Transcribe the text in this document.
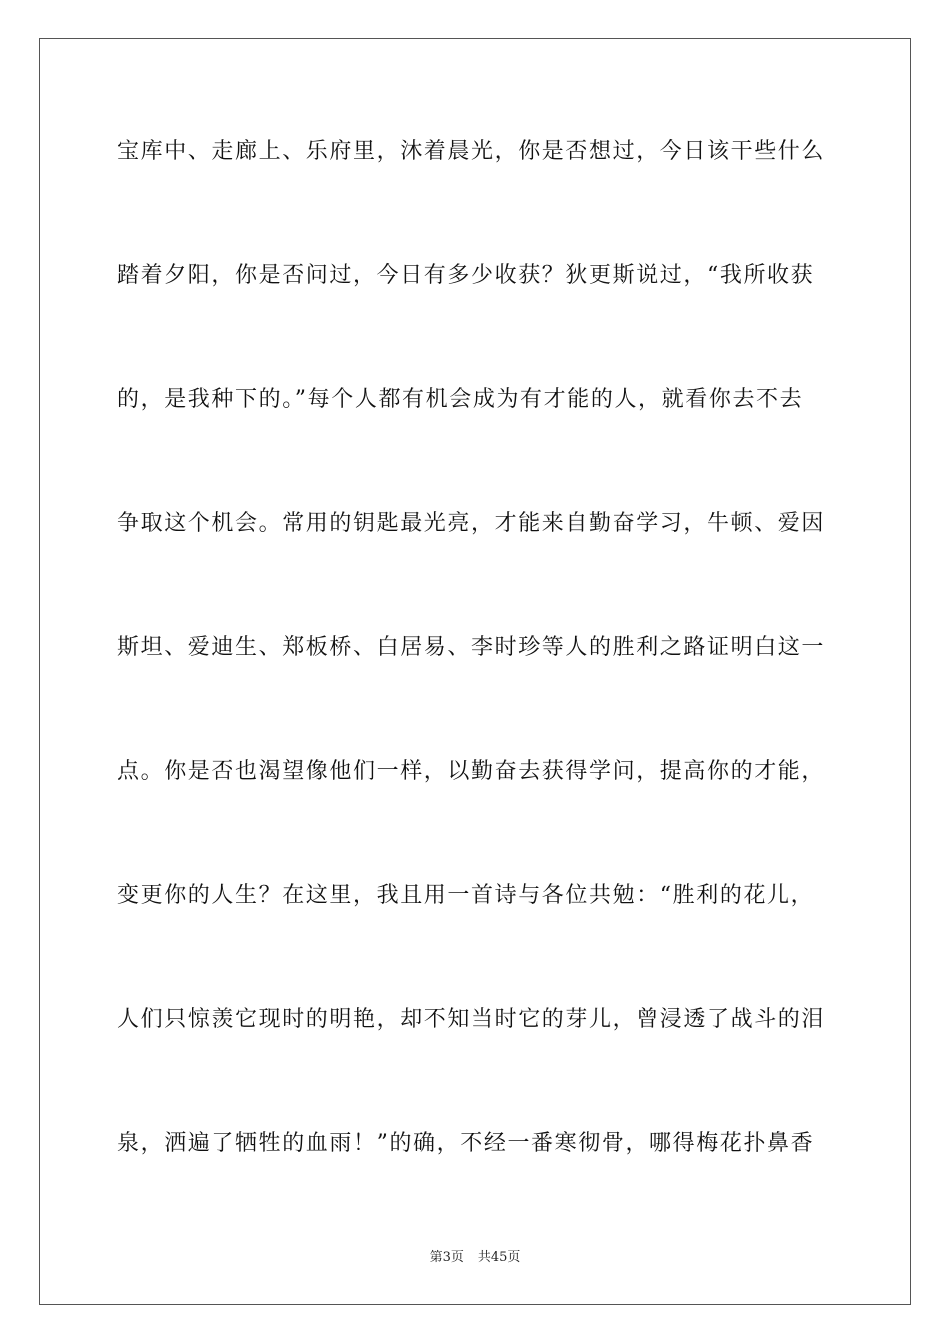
宝库中、走廊上、乐府里，沐着晨光，你是否想过，今日该干些什么
踏着夕阳，你是否问过，今日有多少收获？狄更斯说过，“我所收获
的，是我种下的。”每个人都有机会成为有才能的人，就看你去不去
争取这个机会。常用的钥匙最光亮，才能来自勤奋学习，牛顿、爱因
斯坦、爱迪生、郑板桥、白居易、李时珍等人的胜利之路证明白这一
点。你是否也渴望像他们一样，以勤奋去获得学问，提高你的才能，
变更你的人生？在这里，我且用一首诗与各位共勉：“胜利的花儿，
人们只惊羡它现时的明艳，却不知当时它的芽儿，曾浸透了战斗的泪
泉，洒遍了牺牲的血雨！”的确，不经一番寒彻骨，哪得梅花扑鼻香
第3页 共45页
